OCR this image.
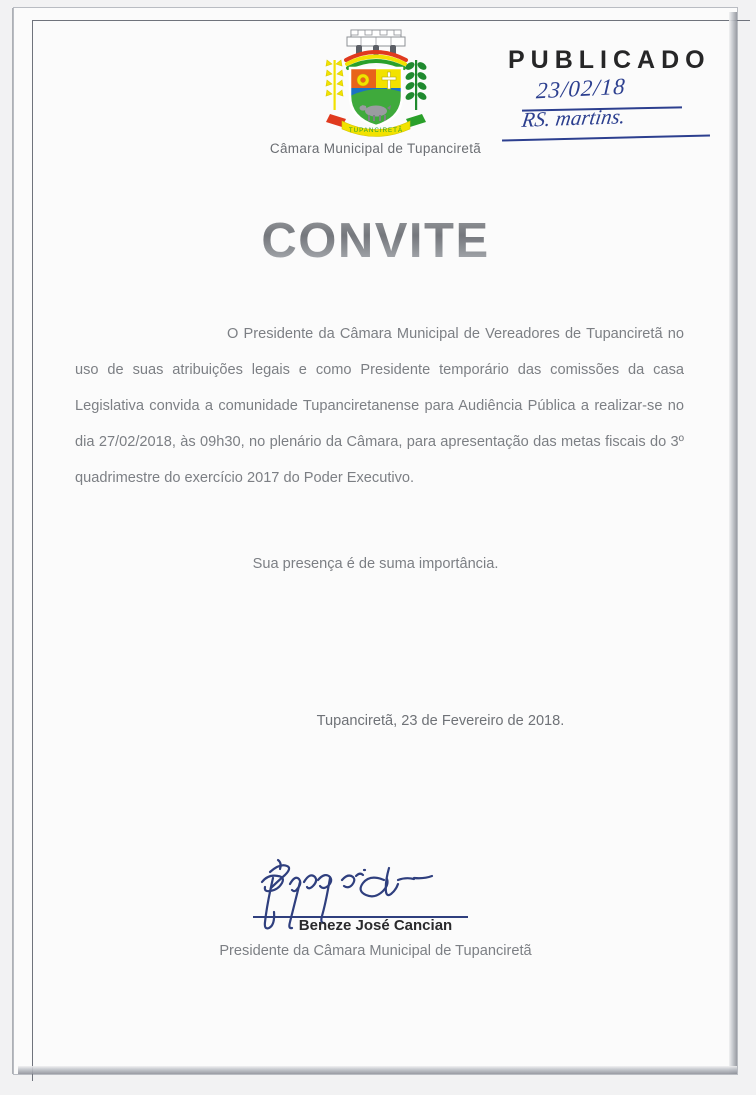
TUPANCIRETÃ
Câmara Municipal de Tupanciretã
PUBLICADO
23/02/18
RS. martins.
CONVITE

O Presidente da Câmara Municipal de Vereadores de Tupanciretã no uso de suas atribuições legais e como Presidente temporário das comissões da casa Legislativa convida a comunidade Tupanciretanense para Audiência Pública a realizar-se no dia 27/02/2018, às 09h30, no plenário da Câmara, para apresentação das metas fiscais do 3º quadrimestre do exercício 2017 do Poder Executivo.

Sua presença é de suma importância.
Tupanciretã, 23 de Fevereiro de 2018.
Beneze José Cancian
Presidente da Câmara Municipal de Tupanciretã
